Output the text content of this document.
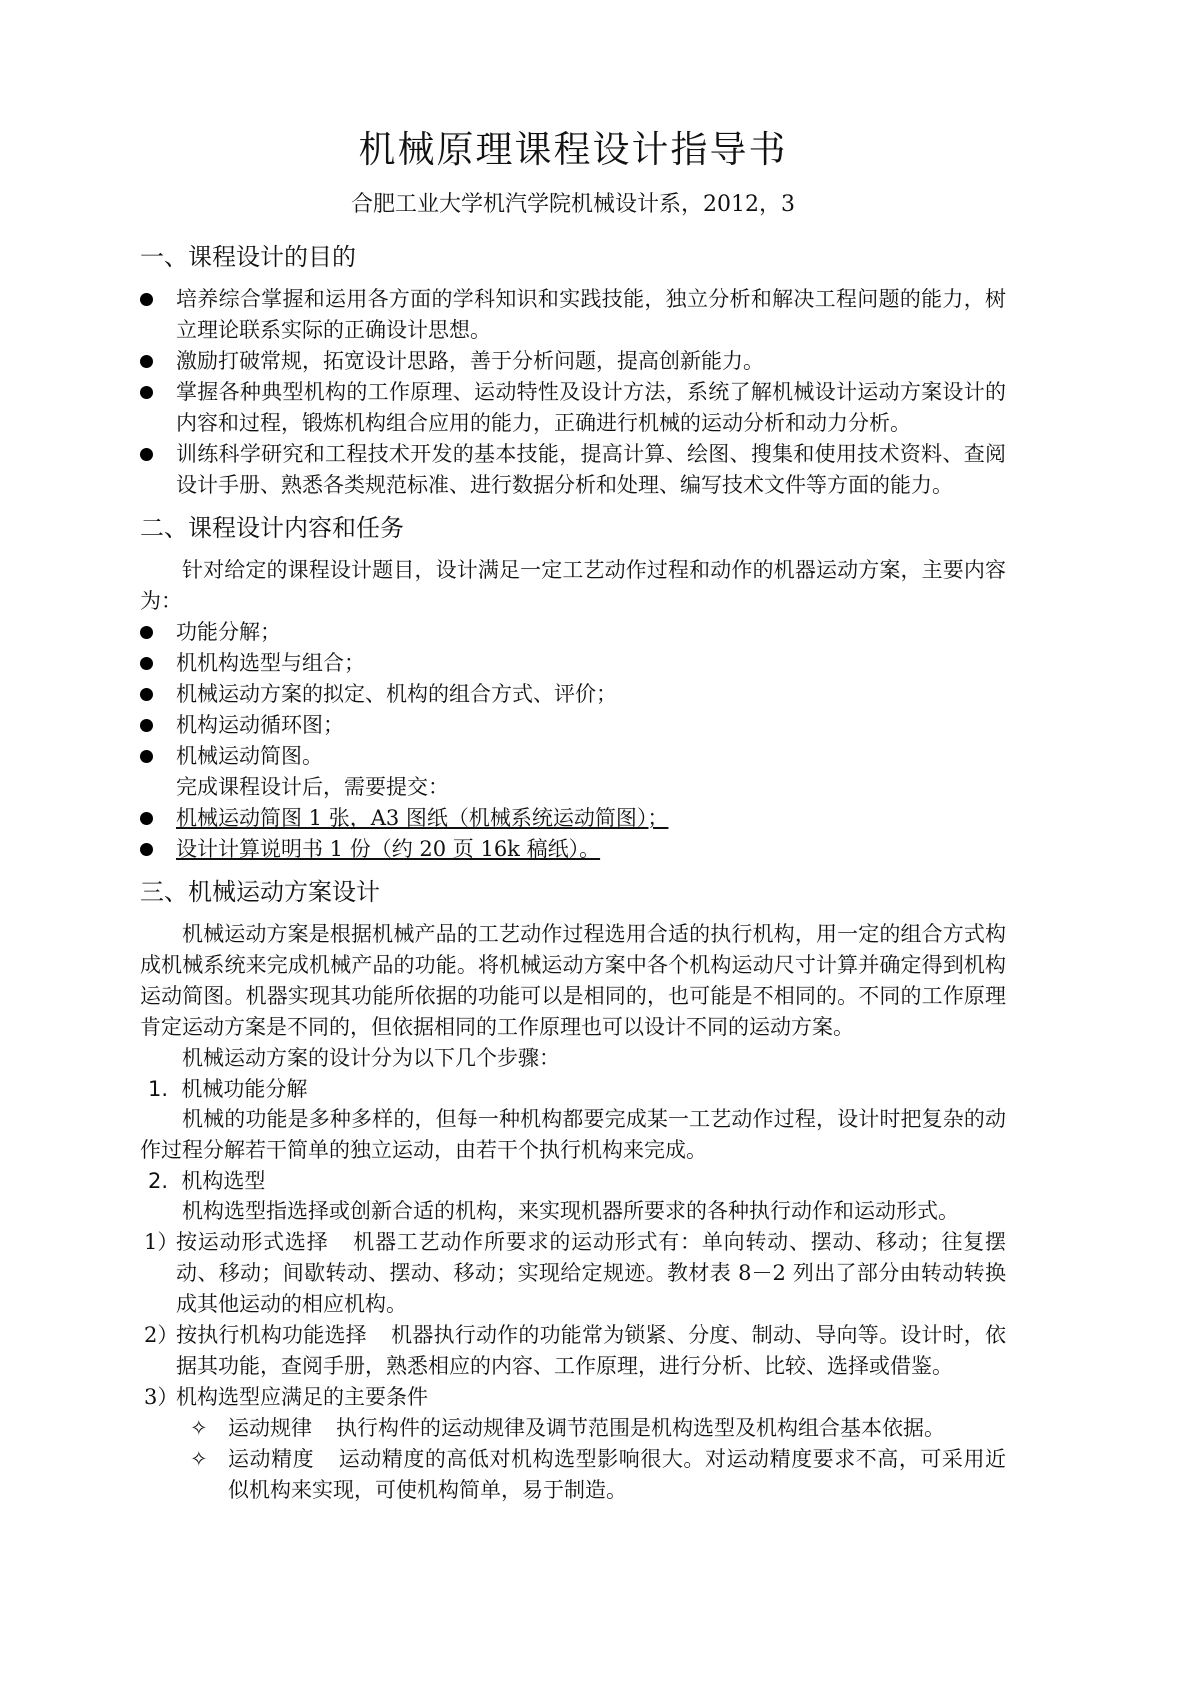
机械原理课程设计指导书

合肥工业大学机汽学院机械设计系，2012，3

一、课程设计的目的
培养综合掌握和运用各方面的学科知识和实践技能，独立分析和解决工程问题的能力，树立理论联系实际的正确设计思想。
激励打破常规，拓宽设计思路，善于分析问题，提高创新能力。
掌握各种典型机构的工作原理、运动特性及设计方法，系统了解机械设计运动方案设计的内容和过程，锻炼机构组合应用的能力，正确进行机械的运动分析和动力分析。
训练科学研究和工程技术开发的基本技能，提高计算、绘图、搜集和使用技术资料、查阅设计手册、熟悉各类规范标准、进行数据分析和处理、编写技术文件等方面的能力。
二、课程设计内容和任务

针对给定的课程设计题目，设计满足一定工艺动作过程和动作的机器运动方案，主要内容为：

功能分解；
机机构选型与组合；
机械运动方案的拟定、机构的组合方式、评价；
机构运动循环图；
机械运动简图。

完成课程设计后，需要提交：

机械运动简图 1 张，A3 图纸（机械系统运动简图）；
设计计算说明书 1 份（约 20 页 16k 稿纸）。
三、机械运动方案设计

机械运动方案是根据机械产品的工艺动作过程选用合适的执行机构，用一定的组合方式构成机械系统来完成机械产品的功能。将机械运动方案中各个机构运动尺寸计算并确定得到机构运动简图。机器实现其功能所依据的功能可以是相同的，也可能是不相同的。不同的工作原理肯定运动方案是不同的，但依据相同的工作原理也可以设计不同的运动方案。

机械运动方案的设计分为以下几个步骤：

1. 机械功能分解

机械的功能是多种多样的，但每一种机构都要完成某一工艺动作过程，设计时把复杂的动作过程分解若干简单的独立运动，由若干个执行机构来完成。

2. 机构选型

机构选型指选择或创新合适的机构，来实现机器所要求的各种执行动作和运动形式。

1）
按运动形式选择 机器工艺动作所要求的运动形式有：单向转动、摆动、移动；往复摆动、移动；间歇转动、摆动、移动；实现给定规迹。教材表 8－2 列出了部分由转动转换成其他运动的相应机构。
2）
按执行机构功能选择 机器执行动作的功能常为锁紧、分度、制动、导向等。设计时，依据其功能，查阅手册，熟悉相应的内容、工作原理，进行分析、比较、选择或借鉴。
3）
机构选型应满足的主要条件
✧ 运动规律 执行构件的运动规律及调节范围是机构选型及机构组合基本依据。
✧ 运动精度 运动精度的高低对机构选型影响很大。对运动精度要求不高，可采用近似机构来实现，可使机构简单，易于制造。
